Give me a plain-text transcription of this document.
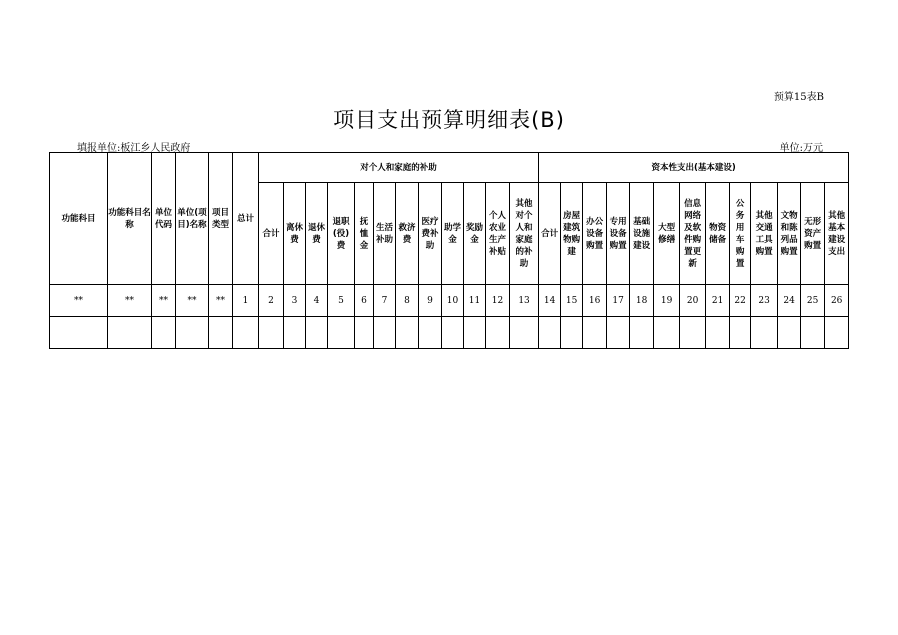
预算15表B
项目支出预算明细表(B)
填报单位:板江乡人民政府	单位:万元
功能科目	功能科目名称	单位代码	单位(项目)名称	项目类型	总计	对个人和家庭的补助												资本性支出(基本建设)												
						合计	离休费	退休费	退职(役)费	抚恤金	生活补助	救济费	医疗费补助	助学金	奖励金	个人农业生产补贴	其他对个人和家庭的补助	合计	房屋建筑物购建	办公设备购置	专用设备购置	基础设施建设	大型修缮	信息网络及软件购置更新	物资储备	公务用车购置	其他交通工具购置	文物和陈列品购置	无形资产购置	其他基本建设支出
**	**	**	**	**	1	2	3	4	5	6	7	8	9	10	11	12	13	14	15	16	17	18	19	20	21	22	23	24	25	26
